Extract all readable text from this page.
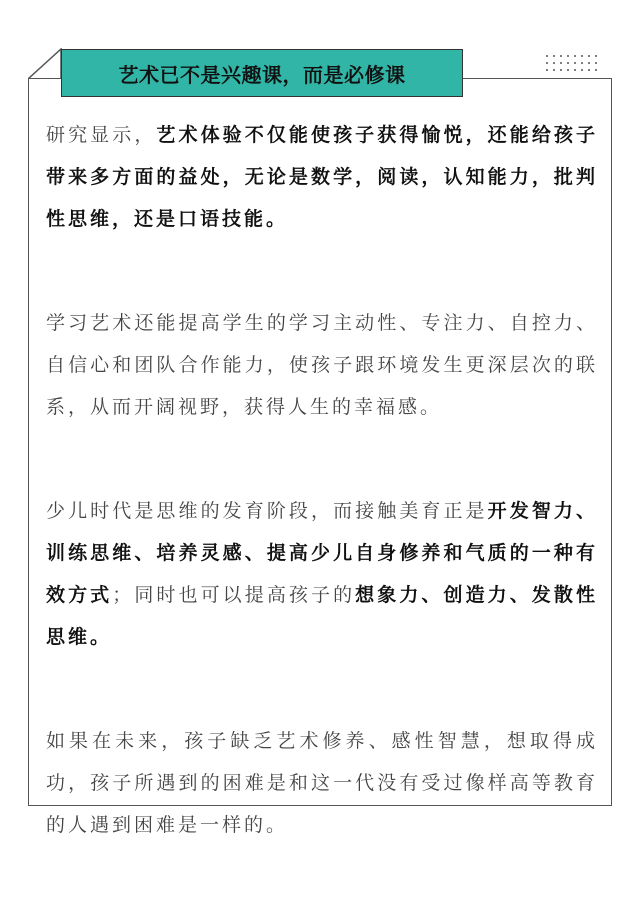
艺术已不是兴趣课，而是必修课

研究显示，艺术体验不仅能使孩子获得愉悦，还能给孩子带来多方面的益处，无论是数学，阅读，认知能力，批判性思维，还是口语技能。

学习艺术还能提高学生的学习主动性、专注力、自控力、自信心和团队合作能力，使孩子跟环境发生更深层次的联系，从而开阔视野，获得人生的幸福感。

少儿时代是思维的发育阶段，而接触美育正是开发智力、训练思维、培养灵感、提高少儿自身修养和气质的一种有效方式；同时也可以提高孩子的想象力、创造力、发散性思维。

如果在未来，孩子缺乏艺术修养、感性智慧，想取得成功，孩子所遇到的困难是和这一代没有受过像样高等教育的人遇到困难是一样的。
